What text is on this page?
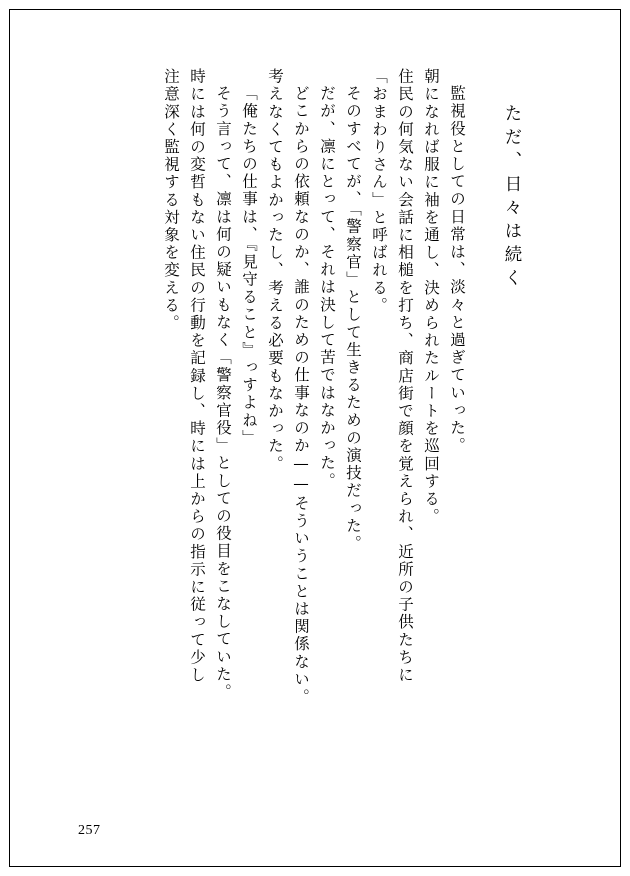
ただ、日々は続く
監視役としての日常は、淡々と過ぎていった。
朝になれば服に袖を通し、決められたルートを巡回する。
住民の何気ない会話に相槌を打ち、商店街で顔を覚えられ、近所の子供たちに
「おまわりさん」と呼ばれる。
そのすべてが、「警察官」として生きるための演技だった。
だが、凛にとって、それは決して苦ではなかった。
どこからの依頼なのか、誰のための仕事なのか——そういうことは関係ない。
考えなくてもよかったし、考える必要もなかった。
「俺たちの仕事は、『見守ること』っすよね」
そう言って、凛は何の疑いもなく「警察官役」としての役目をこなしていた。
時には何の変哲もない住民の行動を記録し、時には上からの指示に従って少し
注意深く監視する対象を変える。
257
